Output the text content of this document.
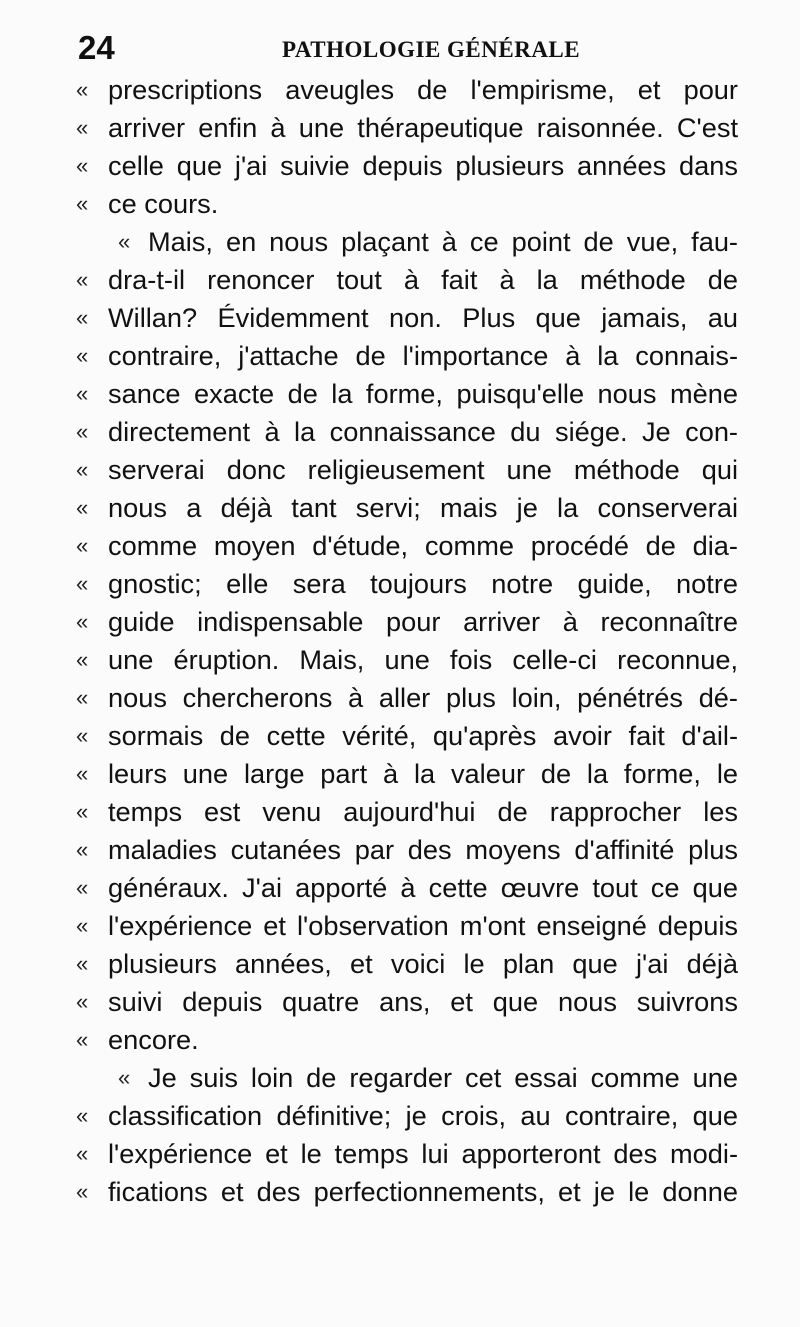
24	PATHOLOGIE GÉNÉRALE
« prescriptions aveugles de l'empirisme, et pour
« arriver enfin à une thérapeutique raisonnée. C'est
« celle que j'ai suivie depuis plusieurs années dans
« ce cours.
« Mais, en nous plaçant à ce point de vue, fau-
« dra-t-il renoncer tout à fait à la méthode de
« Willan? Évidemment non. Plus que jamais, au
« contraire, j'attache de l'importance à la connais-
« sance exacte de la forme, puisqu'elle nous mène
« directement à la connaissance du siége. Je con-
« serverai donc religieusement une méthode qui
« nous a déjà tant servi; mais je la conserverai
« comme moyen d'étude, comme procédé de dia-
« gnostic; elle sera toujours notre guide, notre
« guide indispensable pour arriver à reconnaître
« une éruption. Mais, une fois celle-ci reconnue,
« nous chercherons à aller plus loin, pénétrés dé-
« sormais de cette vérité, qu'après avoir fait d'ail-
« leurs une large part à la valeur de la forme, le
« temps est venu aujourd'hui de rapprocher les
« maladies cutanées par des moyens d'affinité plus
« généraux. J'ai apporté à cette œuvre tout ce que
« l'expérience et l'observation m'ont enseigné depuis
« plusieurs années, et voici le plan que j'ai déjà
« suivi depuis quatre ans, et que nous suivrons
« encore.
« Je suis loin de regarder cet essai comme une
« classification définitive; je crois, au contraire, que
« l'expérience et le temps lui apporteront des modi-
« fications et des perfectionnements, et je le donne
